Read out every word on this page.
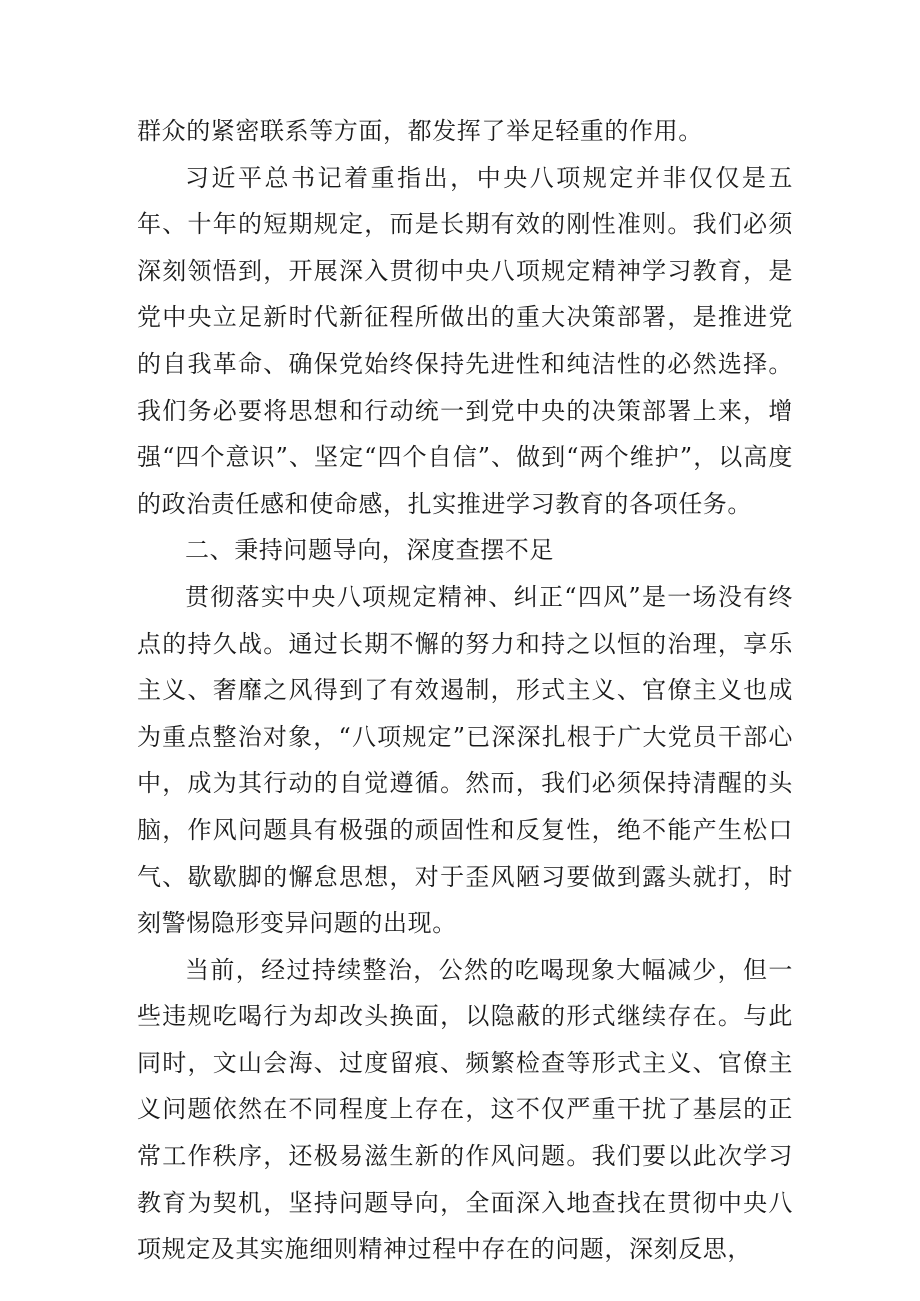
群众的紧密联系等方面，都发挥了举足轻重的作用。

习近平总书记着重指出，中央八项规定并非仅仅是五年、十年的短期规定，而是长期有效的刚性准则。我们必须深刻领悟到，开展深入贯彻中央八项规定精神学习教育，是党中央立足新时代新征程所做出的重大决策部署，是推进党的自我革命、确保党始终保持先进性和纯洁性的必然选择。我们务必要将思想和行动统一到党中央的决策部署上来，增强“四个意识”、坚定“四个自信”、做到“两个维护”，以高度的政治责任感和使命感，扎实推进学习教育的各项任务。

二、秉持问题导向，深度查摆不足

贯彻落实中央八项规定精神、纠正“四风”是一场没有终点的持久战。通过长期不懈的努力和持之以恒的治理，享乐主义、奢靡之风得到了有效遏制，形式主义、官僚主义也成为重点整治对象，“八项规定”已深深扎根于广大党员干部心中，成为其行动的自觉遵循。然而，我们必须保持清醒的头脑，作风问题具有极强的顽固性和反复性，绝不能产生松口气、歇歇脚的懈怠思想，对于歪风陋习要做到露头就打，时刻警惕隐形变异问题的出现。

当前，经过持续整治，公然的吃喝现象大幅减少，但一些违规吃喝行为却改头换面，以隐蔽的形式继续存在。与此同时，文山会海、过度留痕、频繁检查等形式主义、官僚主义问题依然在不同程度上存在，这不仅严重干扰了基层的正常工作秩序，还极易滋生新的作风问题。我们要以此次学习教育为契机，坚持问题导向，全面深入地查找在贯彻中央八项规定及其实施细则精神过程中存在的问题，深刻反思，
